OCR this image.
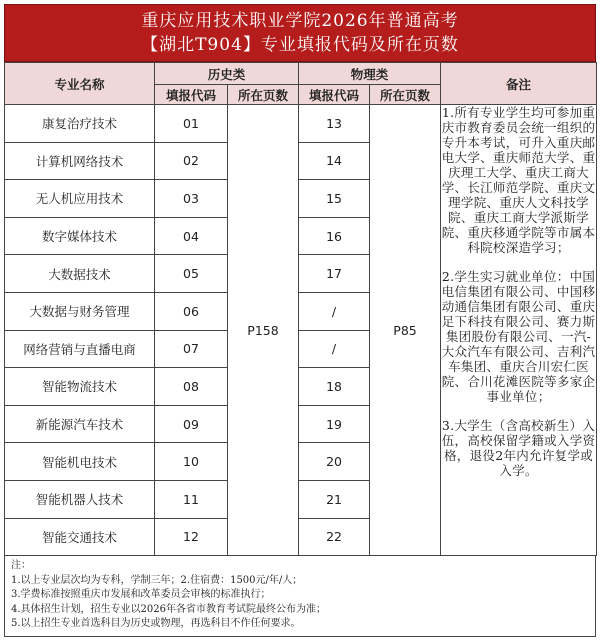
重庆应用技术职业学院2026年普通高考
【湖北T904】专业填报代码及所在页数
专业名称	历史类		物理类		备注
	填报代码	所在页数	填报代码	所在页数	
康复治疗技术	01	P158	13	P85	1.所有专业学生均可参加重庆市教育委员会统一组织的专升本考试，可升入重庆邮电大学、重庆师范大学、重庆理工大学、重庆工商大学、长江师范学院、重庆文理学院、重庆人文科技学院、重庆工商大学派斯学院、重庆移通学院等市属本科院校深造学习；

2.学生实习就业单位：中国电信集团有限公司、中国移动通信集团有限公司、重庆足下科技有限公司、赛力斯集团股份有限公司、一汽-大众汽车有限公司、吉利汽车集团、重庆合川宏仁医院、合川花滩医院等多家企事业单位；

3.大学生（含高校新生）入伍，高校保留学籍或入学资格，退役2年内允许复学或入学。

计算机网络技术	02		14		
无人机应用技术	03		15		
数字媒体技术	04		16		
大数据技术	05		17		
大数据与财务管理	06		/		
网络营销与直播电商	07		/		
智能物流技术	08		18		
新能源汽车技术	09		19		
智能机电技术	10		20		
智能机器人技术	11		21		
智能交通技术	12		22		
注：
1.以上专业层次均为专科，学制三年；2.住宿费：1500元/年/人；
3.学费标准按照重庆市发展和改革委员会审核的标准执行；
4.具体招生计划，招生专业以2026年各省市教育考试院最终公布为准；
5.以上招生专业首选科目为历史或物理，再选科目不作任何要求。
